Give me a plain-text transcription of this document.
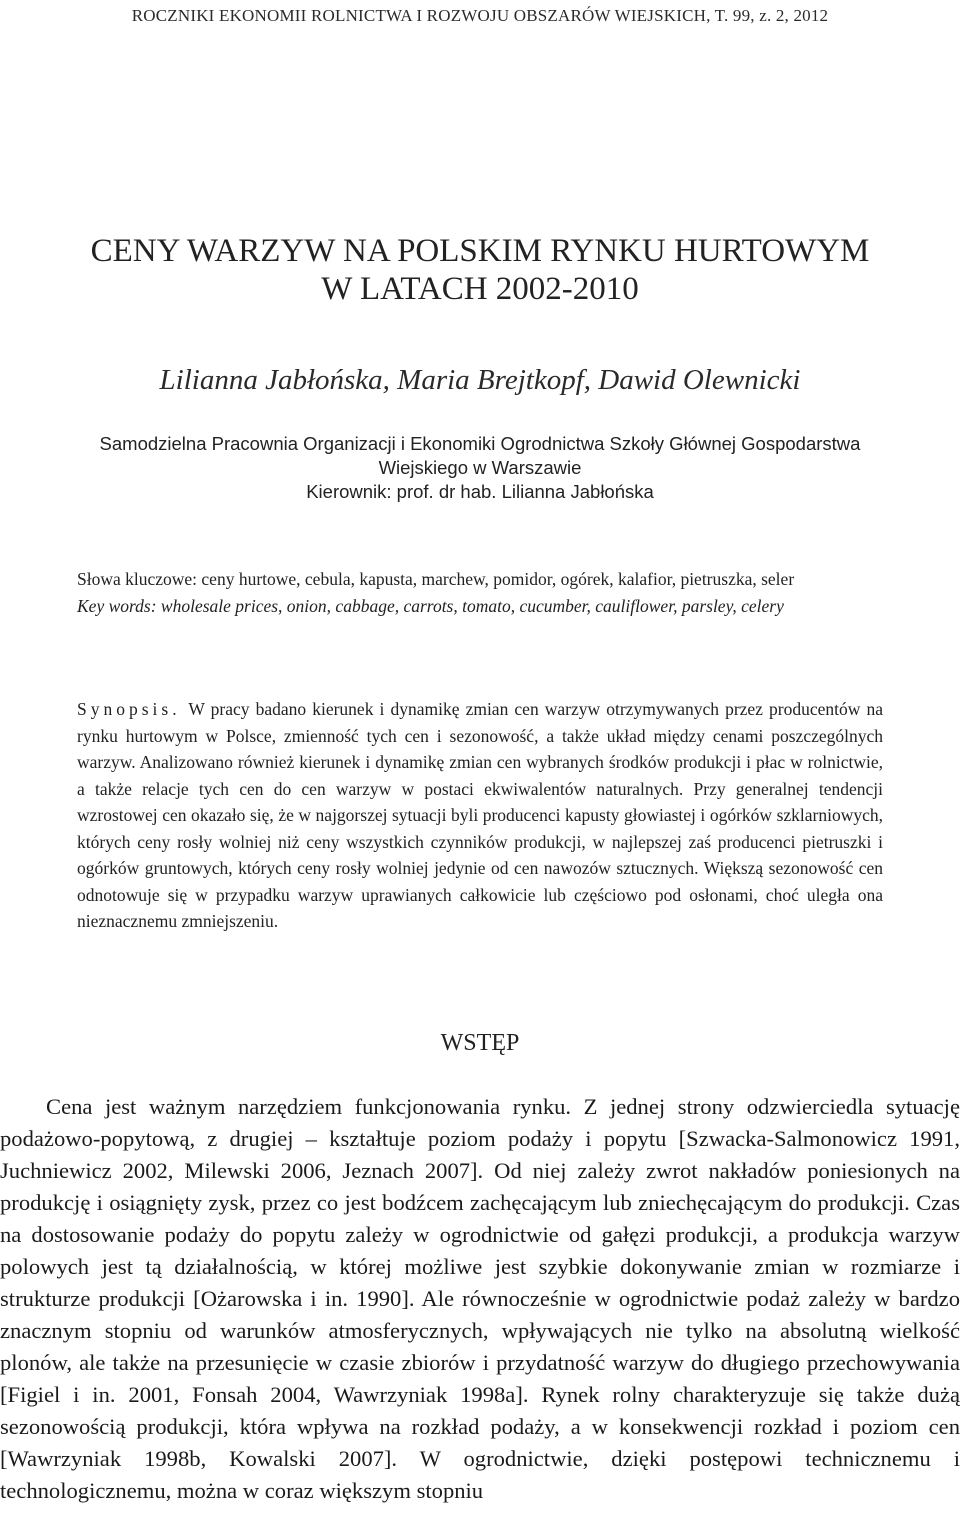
ROCZNIKI EKONOMII ROLNICTWA I ROZWOJU OBSZARÓW WIEJSKICH, T. 99, z. 2, 2012
CENY WARZYW NA POLSKIM RYNKU HURTOWYM
W LATACH 2002-2010
Lilianna Jabłońska, Maria Brejtkopf, Dawid Olewnicki
Samodzielna Pracownia Organizacji i Ekonomiki Ogrodnictwa Szkoły Głównej Gospodarstwa
Wiejskiego w Warszawie
Kierownik: prof. dr hab. Lilianna Jabłońska

Słowa kluczowe: ceny hurtowe, cebula, kapusta, marchew, pomidor, ogórek, kalafior, pietruszka, seler

Key words: wholesale prices, onion, cabbage, carrots, tomato, cucumber, cauliflower, parsley, celery

Synopsis. W pracy badano kierunek i dynamikę zmian cen warzyw otrzymywanych przez producentów na rynku hurtowym w Polsce, zmienność tych cen i sezonowość, a także układ między cenami poszczególnych warzyw. Analizowano również kierunek i dynamikę zmian cen wybranych środków produkcji i płac w rolnictwie, a także relacje tych cen do cen warzyw w postaci ekwiwalentów naturalnych. Przy generalnej tendencji wzrostowej cen okazało się, że w najgorszej sytuacji byli producenci kapusty głowiastej i ogórków szklarniowych, których ceny rosły wolniej niż ceny wszystkich czynników produkcji, w najlepszej zaś producenci pietruszki i ogórków gruntowych, których ceny rosły wolniej jedynie od cen nawozów sztucznych. Większą sezonowość cen odnotowuje się w przypadku warzyw uprawianych całkowicie lub częściowo pod osłonami, choć uległa ona nieznacznemu zmniejszeniu.
WSTĘP

Cena jest ważnym narzędziem funkcjonowania rynku. Z jednej strony odzwierciedla sytuację podażowo-popytową, z drugiej – kształtuje poziom podaży i popytu [Szwacka-Salmonowicz 1991, Juchniewicz 2002, Milewski 2006, Jeznach 2007]. Od niej zależy zwrot nakładów poniesionych na produkcję i osiągnięty zysk, przez co jest bodźcem zachęcającym lub zniechęcającym do produkcji. Czas na dostosowanie podaży do popytu zależy w ogrodnictwie od gałęzi produkcji, a produkcja warzyw polowych jest tą działalnością, w której możliwe jest szybkie dokonywanie zmian w rozmiarze i strukturze produkcji [Ożarowska i in. 1990]. Ale równocześnie w ogrodnictwie podaż zależy w bardzo znacznym stopniu od warunków atmosferycznych, wpływających nie tylko na absolutną wielkość plonów, ale także na przesunięcie w czasie zbiorów i przydatność warzyw do długiego przechowywania [Figiel i in. 2001, Fonsah 2004, Wawrzyniak 1998a]. Rynek rolny charakteryzuje się także dużą sezonowością produkcji, która wpływa na rozkład podaży, a w konsekwencji rozkład i poziom cen [Wawrzyniak 1998b, Kowalski 2007]. W ogrodnictwie, dzięki postępowi technicznemu i technologicznemu, można w coraz większym stopniu
